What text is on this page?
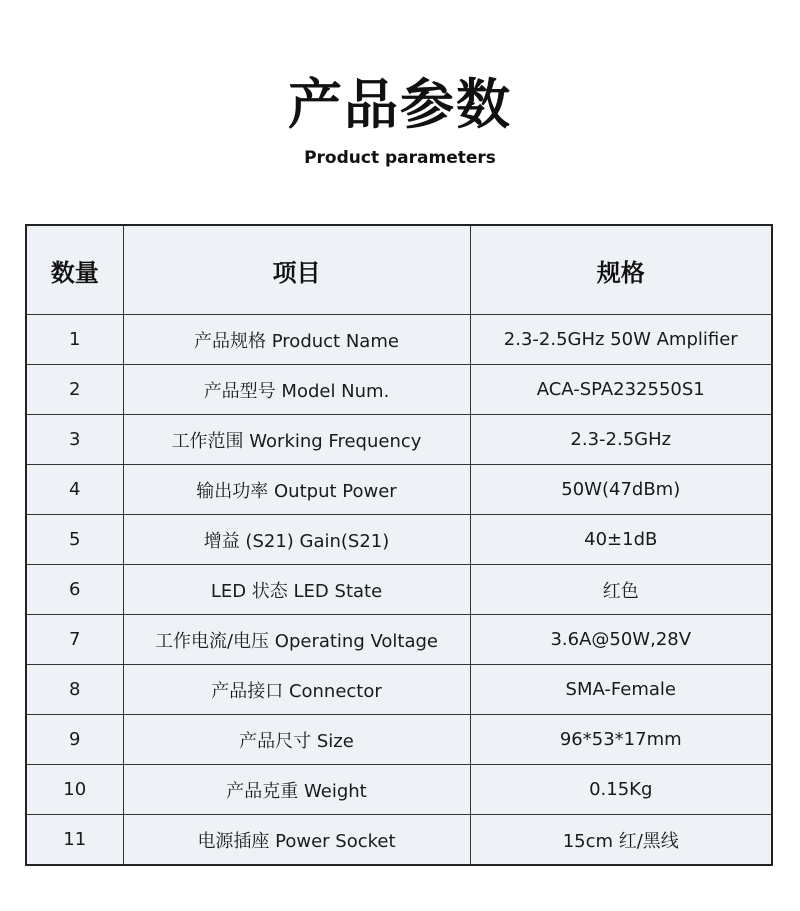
产品参数
Product parameters
数量	项目	规格
1	产品规格 Product Name	2.3-2.5GHz 50W Amplifier
2	产品型号 Model Num.	ACA-SPA232550S1
3	工作范围 Working Frequency	2.3-2.5GHz
4	输出功率 Output Power	50W(47dBm)
5	增益 (S21) Gain(S21)	40±1dB
6	LED 状态 LED State	红色
7	工作电流/电压 Operating Voltage	3.6A@50W,28V
8	产品接口 Connector	SMA-Female
9	产品尺寸 Size	96*53*17mm
10	产品克重 Weight	0.15Kg
11	电源插座 Power Socket	15cm 红/黑线
